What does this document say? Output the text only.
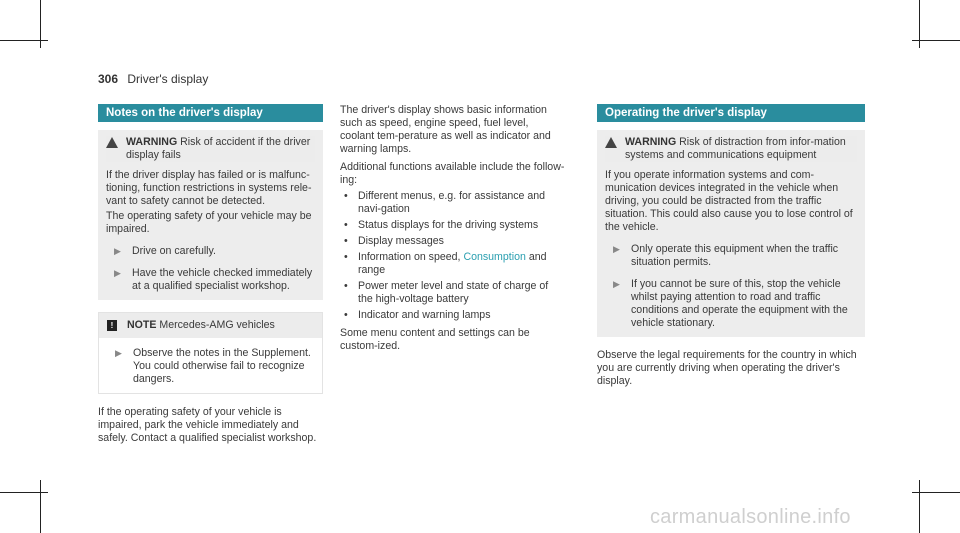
306 Driver's display
Notes on the driver's display
WARNING Risk of accident if the driver display fails

If the driver display has failed or is malfunc-tioning, function restrictions in systems rele-vant to safety cannot be detected.

The operating safety of your vehicle may be impaired.

▶	Drive on carefully.
▶	Have the vehicle checked immediately at a qualified specialist workshop.
!	NOTE Mercedes-AMG vehicles
▶	Observe the notes in the Supplement. You could otherwise fail to recognize dangers.

If the operating safety of your vehicle is impaired, park the vehicle immediately and safely. Contact a qualified specialist workshop.

The driver's display shows basic information such as speed, engine speed, fuel level, coolant tem-perature as well as indicator and warning lamps.

Additional functions available include the follow-ing:

• Different menus, e.g. for assistance and navi-gation
• Status displays for the driving systems
• Display messages
• Information on speed, Consumption and range
• Power meter level and state of charge of the high-voltage battery
• Indicator and warning lamps

Some menu content and settings can be custom-ized.

Operating the driver's display
WARNING Risk of distraction from infor-mation systems and communications equipment

If you operate information systems and com-munication devices integrated in the vehicle when driving, you could be distracted from the traffic situation. This could also cause you to lose control of the vehicle.

▶	Only operate this equipment when the traffic situation permits.
▶	If you cannot be sure of this, stop the vehicle whilst paying attention to road and traffic conditions and operate the equipment with the vehicle stationary.

Observe the legal requirements for the country in which you are currently driving when operating the driver's display.

carmanualsonline.info
